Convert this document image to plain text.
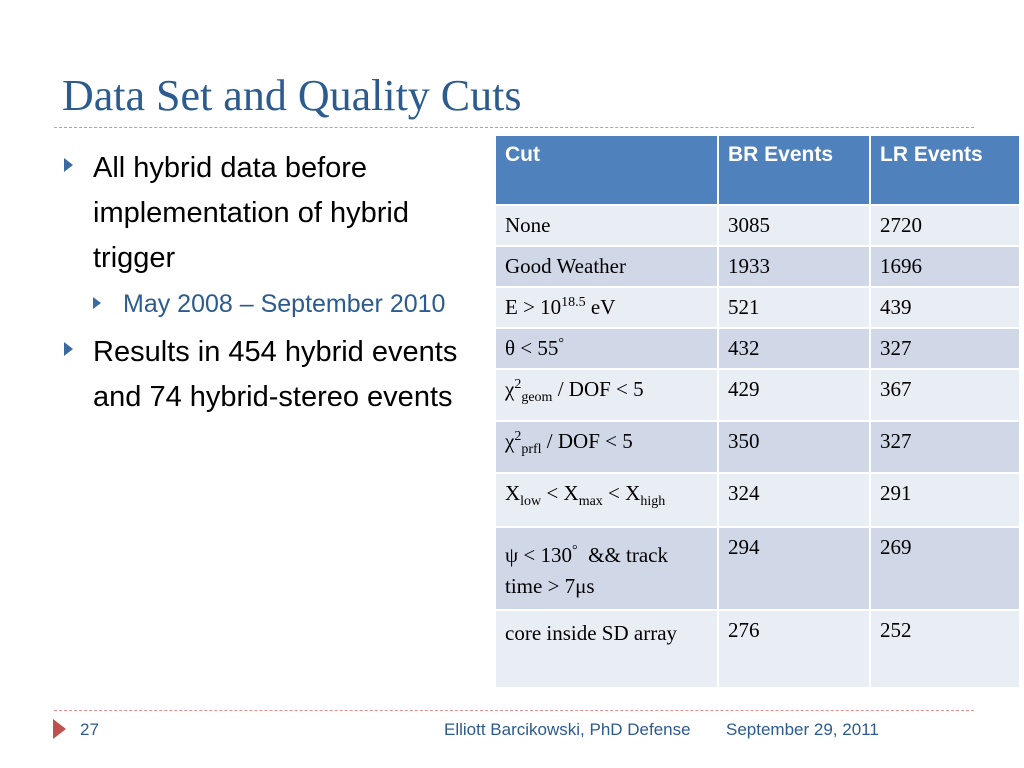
Data Set and Quality Cuts
All hybrid data before implementation of hybrid trigger
May 2008 – September 2010
Results in 454 hybrid events and 74 hybrid-stereo events
Cut	BR Events	LR Events
None	3085	2720
Good Weather	1933	1696
$E > 10^{18.5}$ eV	521	439
θ < 55°	432	327
$\chi^2_{geom}$ / DOF < 5	429	367
$\chi^2_{prfl}$ / DOF < 5	350	327
$X_{low} < X_{max} < X_{high}$	324	291
ψ < 130°  && track time > 7μs	294	269
core inside SD array	276	252
27	Elliott Barcikowski, PhD Defense September 29, 2011
